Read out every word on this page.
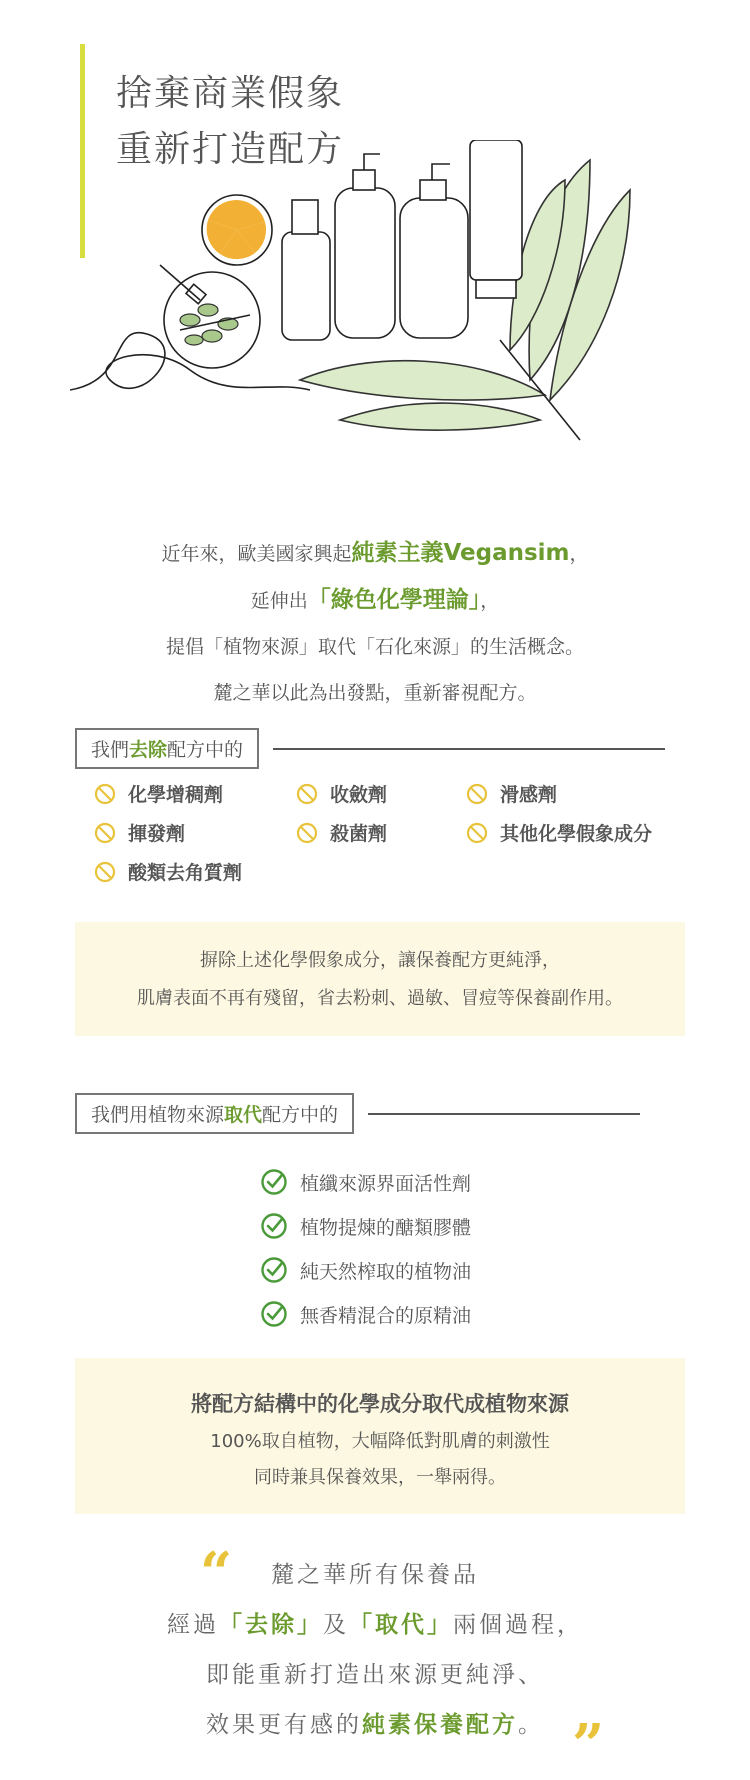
捨棄商業假象
重新打造配方

近年來，歐美國家興起純素主義Vegansim，

延伸出「綠色化學理論」，

提倡「植物來源」取代「石化來源」的生活概念。

麓之華以此為出發點，重新審視配方。

我們去除配方中的
化學增稠劑	收斂劑	滑感劑
揮發劑	殺菌劑	其他化學假象成分
酸類去角質劑

摒除上述化學假象成分，讓保養配方更純淨，

肌膚表面不再有殘留，省去粉刺、過敏、冒痘等保養副作用。

我們用植物來源取代配方中的
植纖來源界面活性劑
植物提煉的醣類膠體
純天然榨取的植物油
無香精混合的原精油

將配方結構中的化學成分取代成植物來源

100%取自植物，大幅降低對肌膚的刺激性

同時兼具保養效果，一舉兩得。

“	麓之華所有保養品

經過「去除」及「取代」兩個過程，

即能重新打造出來源更純淨、

效果更有感的純素保養配方。 ”
